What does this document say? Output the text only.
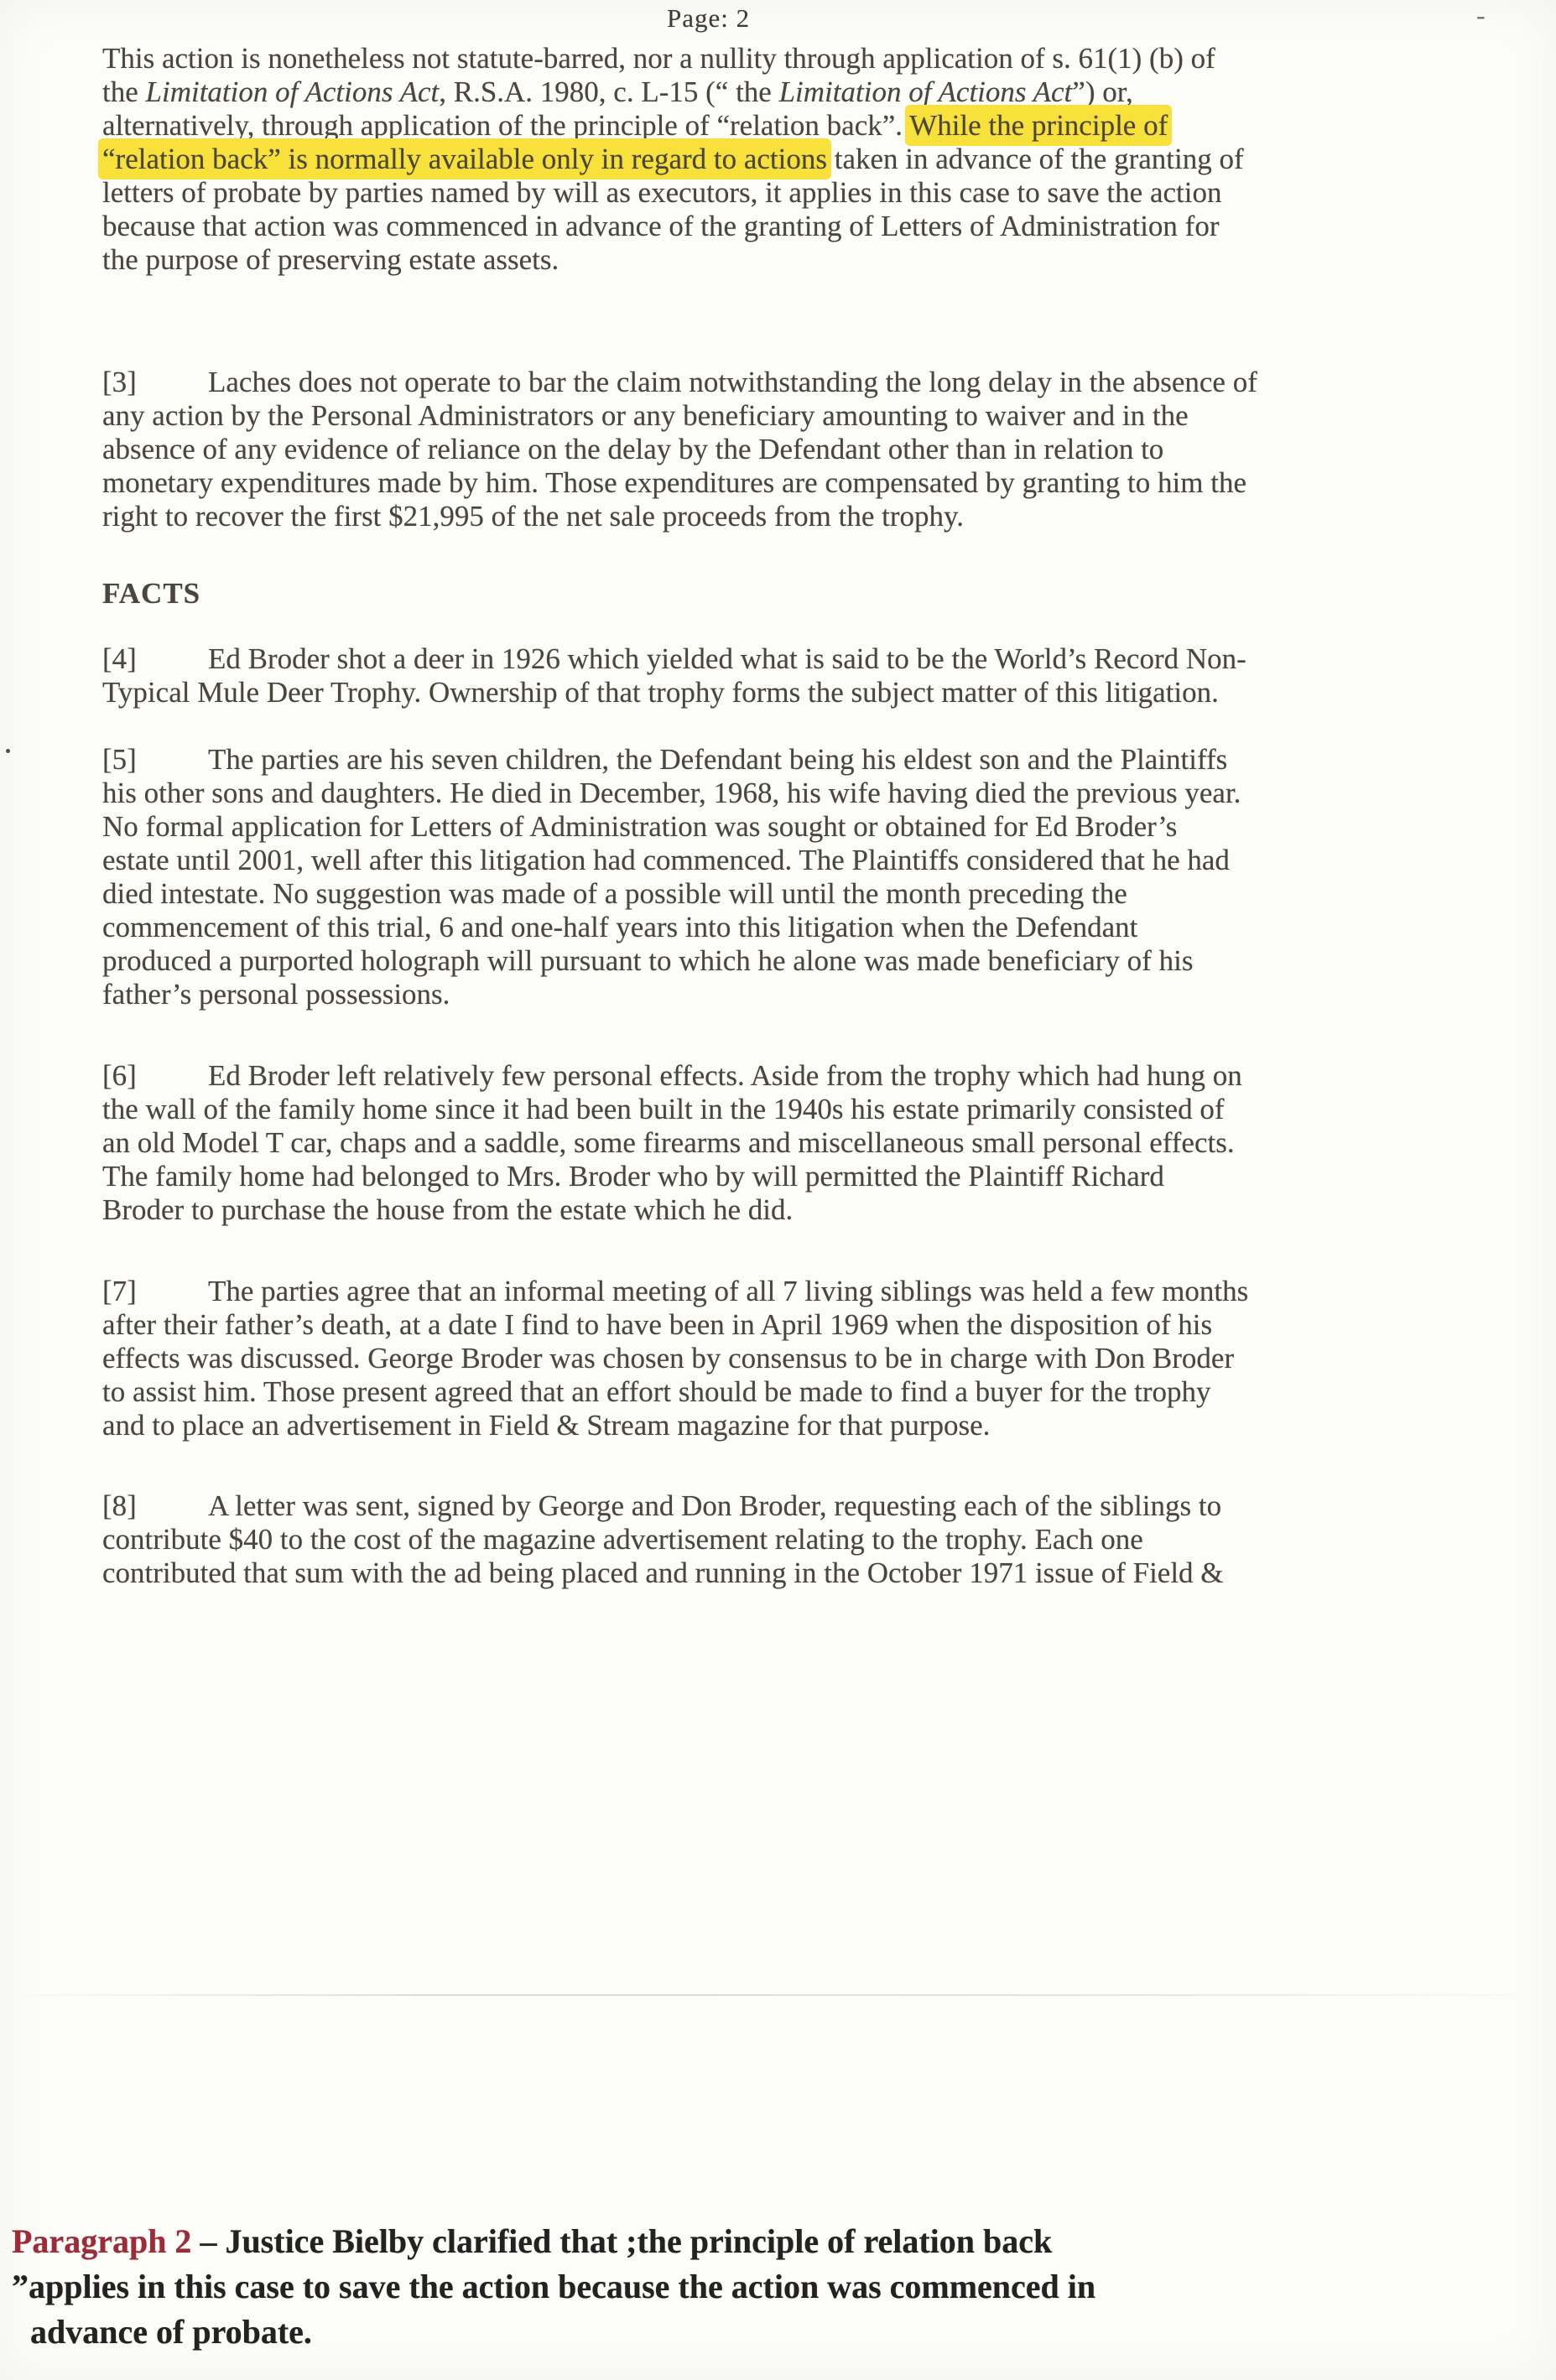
Page: 2	-
This action is nonetheless not statute-barred, nor a nullity through application of s. 61(1) (b) of
the Limitation of Actions Act, R.S.A. 1980, c. L-15 (“ the Limitation of Actions Act”) or,
alternatively, through application of the principle of “relation back”. While the principle of
“relation back” is normally available only in regard to actions taken in advance of the granting of
letters of probate by parties named by will as executors, it applies in this case to save the action
because that action was commenced in advance of the granting of Letters of Administration for
the purpose of preserving estate assets.
[3] Laches does not operate to bar the claim notwithstanding the long delay in the absence of
any action by the Personal Administrators or any beneficiary amounting to waiver and in the
absence of any evidence of reliance on the delay by the Defendant other than in relation to
monetary expenditures made by him. Those expenditures are compensated by granting to him the
right to recover the first $21,995 of the net sale proceeds from the trophy.
FACTS
[4] Ed Broder shot a deer in 1926 which yielded what is said to be the World’s Record Non-
Typical Mule Deer Trophy. Ownership of that trophy forms the subject matter of this litigation.
[5] The parties are his seven children, the Defendant being his eldest son and the Plaintiffs
his other sons and daughters. He died in December, 1968, his wife having died the previous year.
No formal application for Letters of Administration was sought or obtained for Ed Broder’s
estate until 2001, well after this litigation had commenced. The Plaintiffs considered that he had
died intestate. No suggestion was made of a possible will until the month preceding the
commencement of this trial, 6 and one-half years into this litigation when the Defendant
produced a purported holograph will pursuant to which he alone was made beneficiary of his
father’s personal possessions.
[6] Ed Broder left relatively few personal effects. Aside from the trophy which had hung on
the wall of the family home since it had been built in the 1940s his estate primarily consisted of
an old Model T car, chaps and a saddle, some firearms and miscellaneous small personal effects.
The family home had belonged to Mrs. Broder who by will permitted the Plaintiff Richard
Broder to purchase the house from the estate which he did.
[7] The parties agree that an informal meeting of all 7 living siblings was held a few months
after their father’s death, at a date I find to have been in April 1969 when the disposition of his
effects was discussed. George Broder was chosen by consensus to be in charge with Don Broder
to assist him. Those present agreed that an effort should be made to find a buyer for the trophy
and to place an advertisement in Field & Stream magazine for that purpose.
[8] A letter was sent, signed by George and Don Broder, requesting each of the siblings to
contribute $40 to the cost of the magazine advertisement relating to the trophy. Each one
contributed that sum with the ad being placed and running in the October 1971 issue of Field &
Paragraph 2 – Justice Bielby clarified that ;the principle of relation back
”applies in this case to save the action because the action was commenced in
advance of probate.
